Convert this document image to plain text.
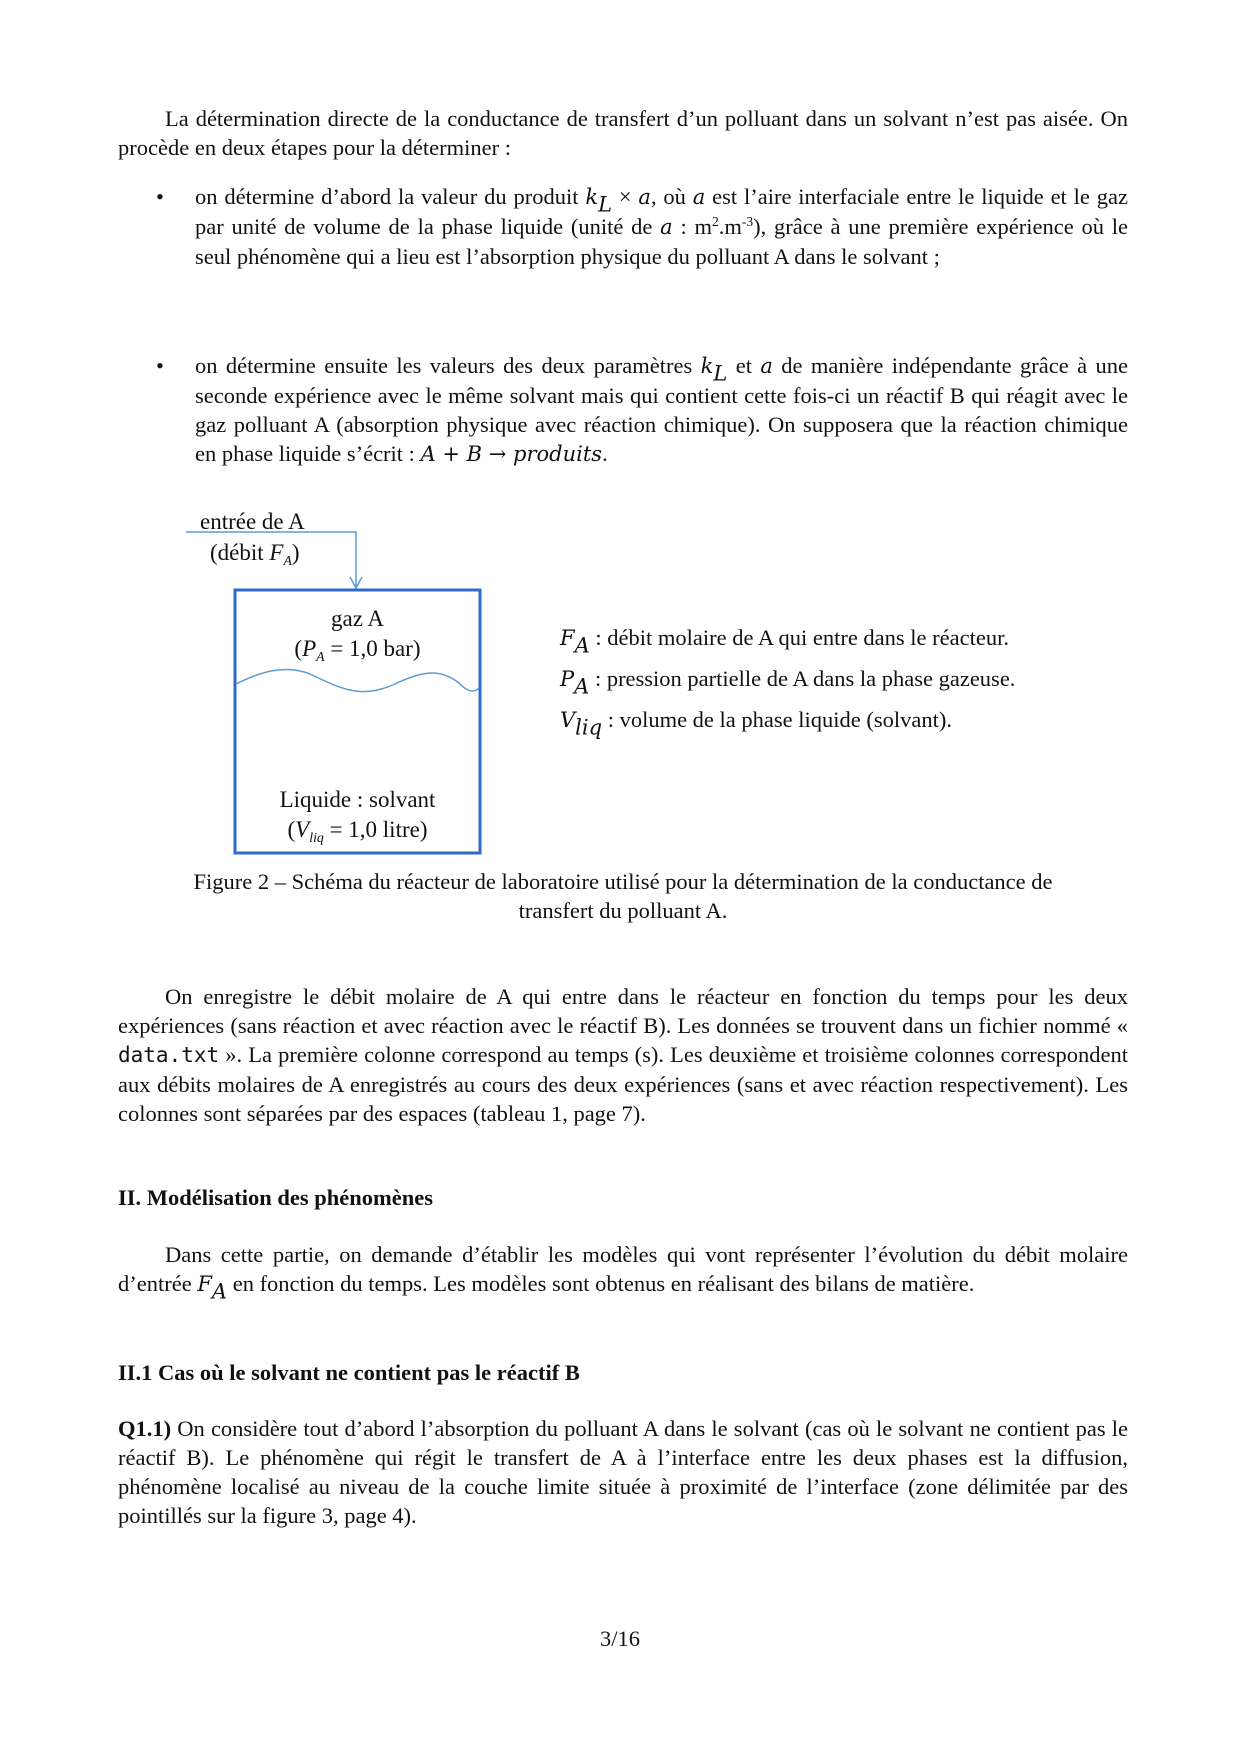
La détermination directe de la conductance de transfert d’un polluant dans un solvant n’est pas aisée. On procède en deux étapes pour la déterminer :

• on détermine d’abord la valeur du produit $k_L \times a$, où a est l’aire interfaciale entre le liquide et le gaz par unité de volume de la phase liquide (unité de a : $m^2.m^{-3}$), grâce à une première expérience où le seul phénomène qui a lieu est l’absorption physique du polluant A dans le solvant ;
• on détermine ensuite les valeurs des deux paramètres $k_L$ et a de manière indépendante grâce à une seconde expérience avec le même solvant mais qui contient cette fois-ci un réactif B qui réagit avec le gaz polluant A (absorption physique avec réaction chimique). On supposera que la réaction chimique en phase liquide s’écrit : A + B → produits.
entrée de A
(débit $F_A$)
gaz A
($P_A = 1,0$ bar)
Liquide : solvant
($V_{liq} = 1,0$ litre)
$F_A$ : débit molaire de A qui entre dans le réacteur.
$P_A$ : pression partielle de A dans la phase gazeuse.
$V_{liq}$ : volume de la phase liquide (solvant).
Figure 2 – Schéma du réacteur de laboratoire utilisé pour la détermination de la conductance de
transfert du polluant A.

On enregistre le débit molaire de A qui entre dans le réacteur en fonction du temps pour les deux expériences (sans réaction et avec réaction avec le réactif B). Les données se trouvent dans un fichier nommé « data.txt ». La première colonne correspond au temps (s). Les deuxième et troisième colonnes correspondent aux débits molaires de A enregistrés au cours des deux expériences (sans et avec réaction respectivement). Les colonnes sont séparées par des espaces (tableau 1, page 7).

II. Modélisation des phénomènes

Dans cette partie, on demande d’établir les modèles qui vont représenter l’évolution du débit molaire d’entrée $F_A$ en fonction du temps. Les modèles sont obtenus en réalisant des bilans de matière.

II.1 Cas où le solvant ne contient pas le réactif B

Q1.1) On considère tout d’abord l’absorption du polluant A dans le solvant (cas où le solvant ne contient pas le réactif B). Le phénomène qui régit le transfert de A à l’interface entre les deux phases est la diffusion, phénomène localisé au niveau de la couche limite située à proximité de l’interface (zone délimitée par des pointillés sur la figure 3, page 4).

3/16
